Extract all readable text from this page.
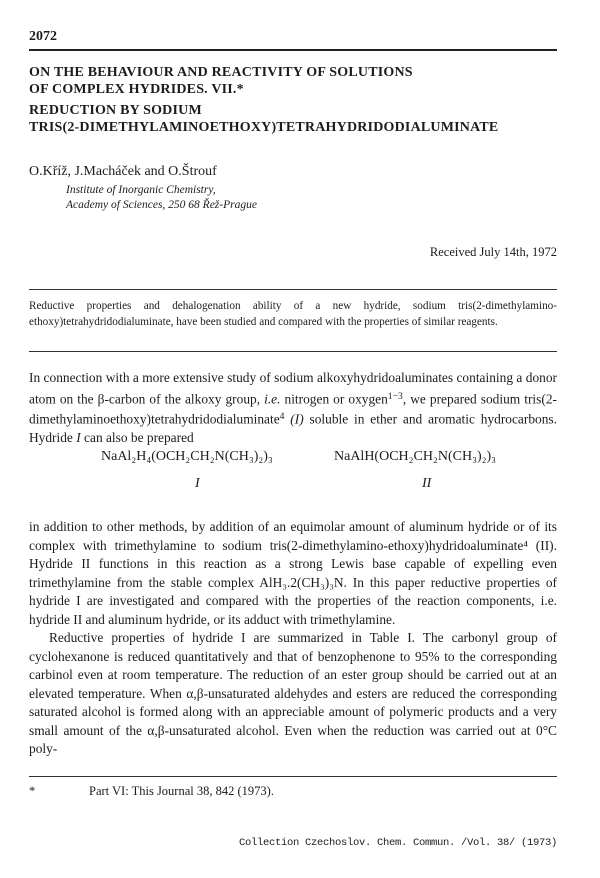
2072
ON THE BEHAVIOUR AND REACTIVITY OF SOLUTIONS
OF COMPLEX HYDRIDES. VII.*
REDUCTION BY SODIUM
TRIS(2-DIMETHYLAMINOETHOXY)TETRAHYDRIDODIALUMINATE
O.Kříž, J.Macháček and O.Štrouf
Institute of Inorganic Chemistry,
Academy of Sciences, 250 68 Řež-Prague
Received July 14th, 1972
Reductive properties and dehalogenation ability of a new hydride, sodium tris(2-dimethylamino-ethoxy)tetrahydridodialuminate, have been studied and compared with the properties of similar reagents.
In connection with a more extensive study of sodium alkoxyhydridoaluminates containing a donor atom on the β-carbon of the alkoxy group, i.e. nitrogen or oxygen$^{1-3}$, we prepared sodium tris(2-dimethylaminoethoxy)tetrahydridodialuminate$^4$ (I) soluble in ether and aromatic hydrocarbons. Hydride I can also be prepared
NaAl₂H₄(OCH₂CH₂N(CH₃)₂)₃
I
NaAlH(OCH₂CH₂N(CH₃)₂)₃
II
in addition to other methods, by addition of an equimolar amount of aluminum hydride or of its complex with trimethylamine to sodium tris(2-dimethylamino-ethoxy)hydridoaluminate⁴ (II). Hydride II functions in this reaction as a strong Lewis base capable of expelling even trimethylamine from the stable complex AlH₃.2(CH₃)₃N. In this paper reductive properties of hydride I are investigated and compared with the properties of the reaction components, i.e. hydride II and aluminum hydride, or its adduct with trimethylamine.
Reductive properties of hydride I are summarized in Table I. The carbonyl group of cyclohexanone is reduced quantitatively and that of benzophenone to 95% to the corresponding carbinol even at room temperature. The reduction of an ester group should be carried out at an elevated temperature. When α,β-unsaturated aldehydes and esters are reduced the corresponding saturated alcohol is formed along with an appreciable amount of polymeric products and a very small amount of the α,β-unsaturated alcohol. Even when the reduction was carried out at 0°C poly-
*	Part VI: This Journal 38, 842 (1973).
Collection Czechoslov. Chem. Commun. /Vol. 38/ (1973)
